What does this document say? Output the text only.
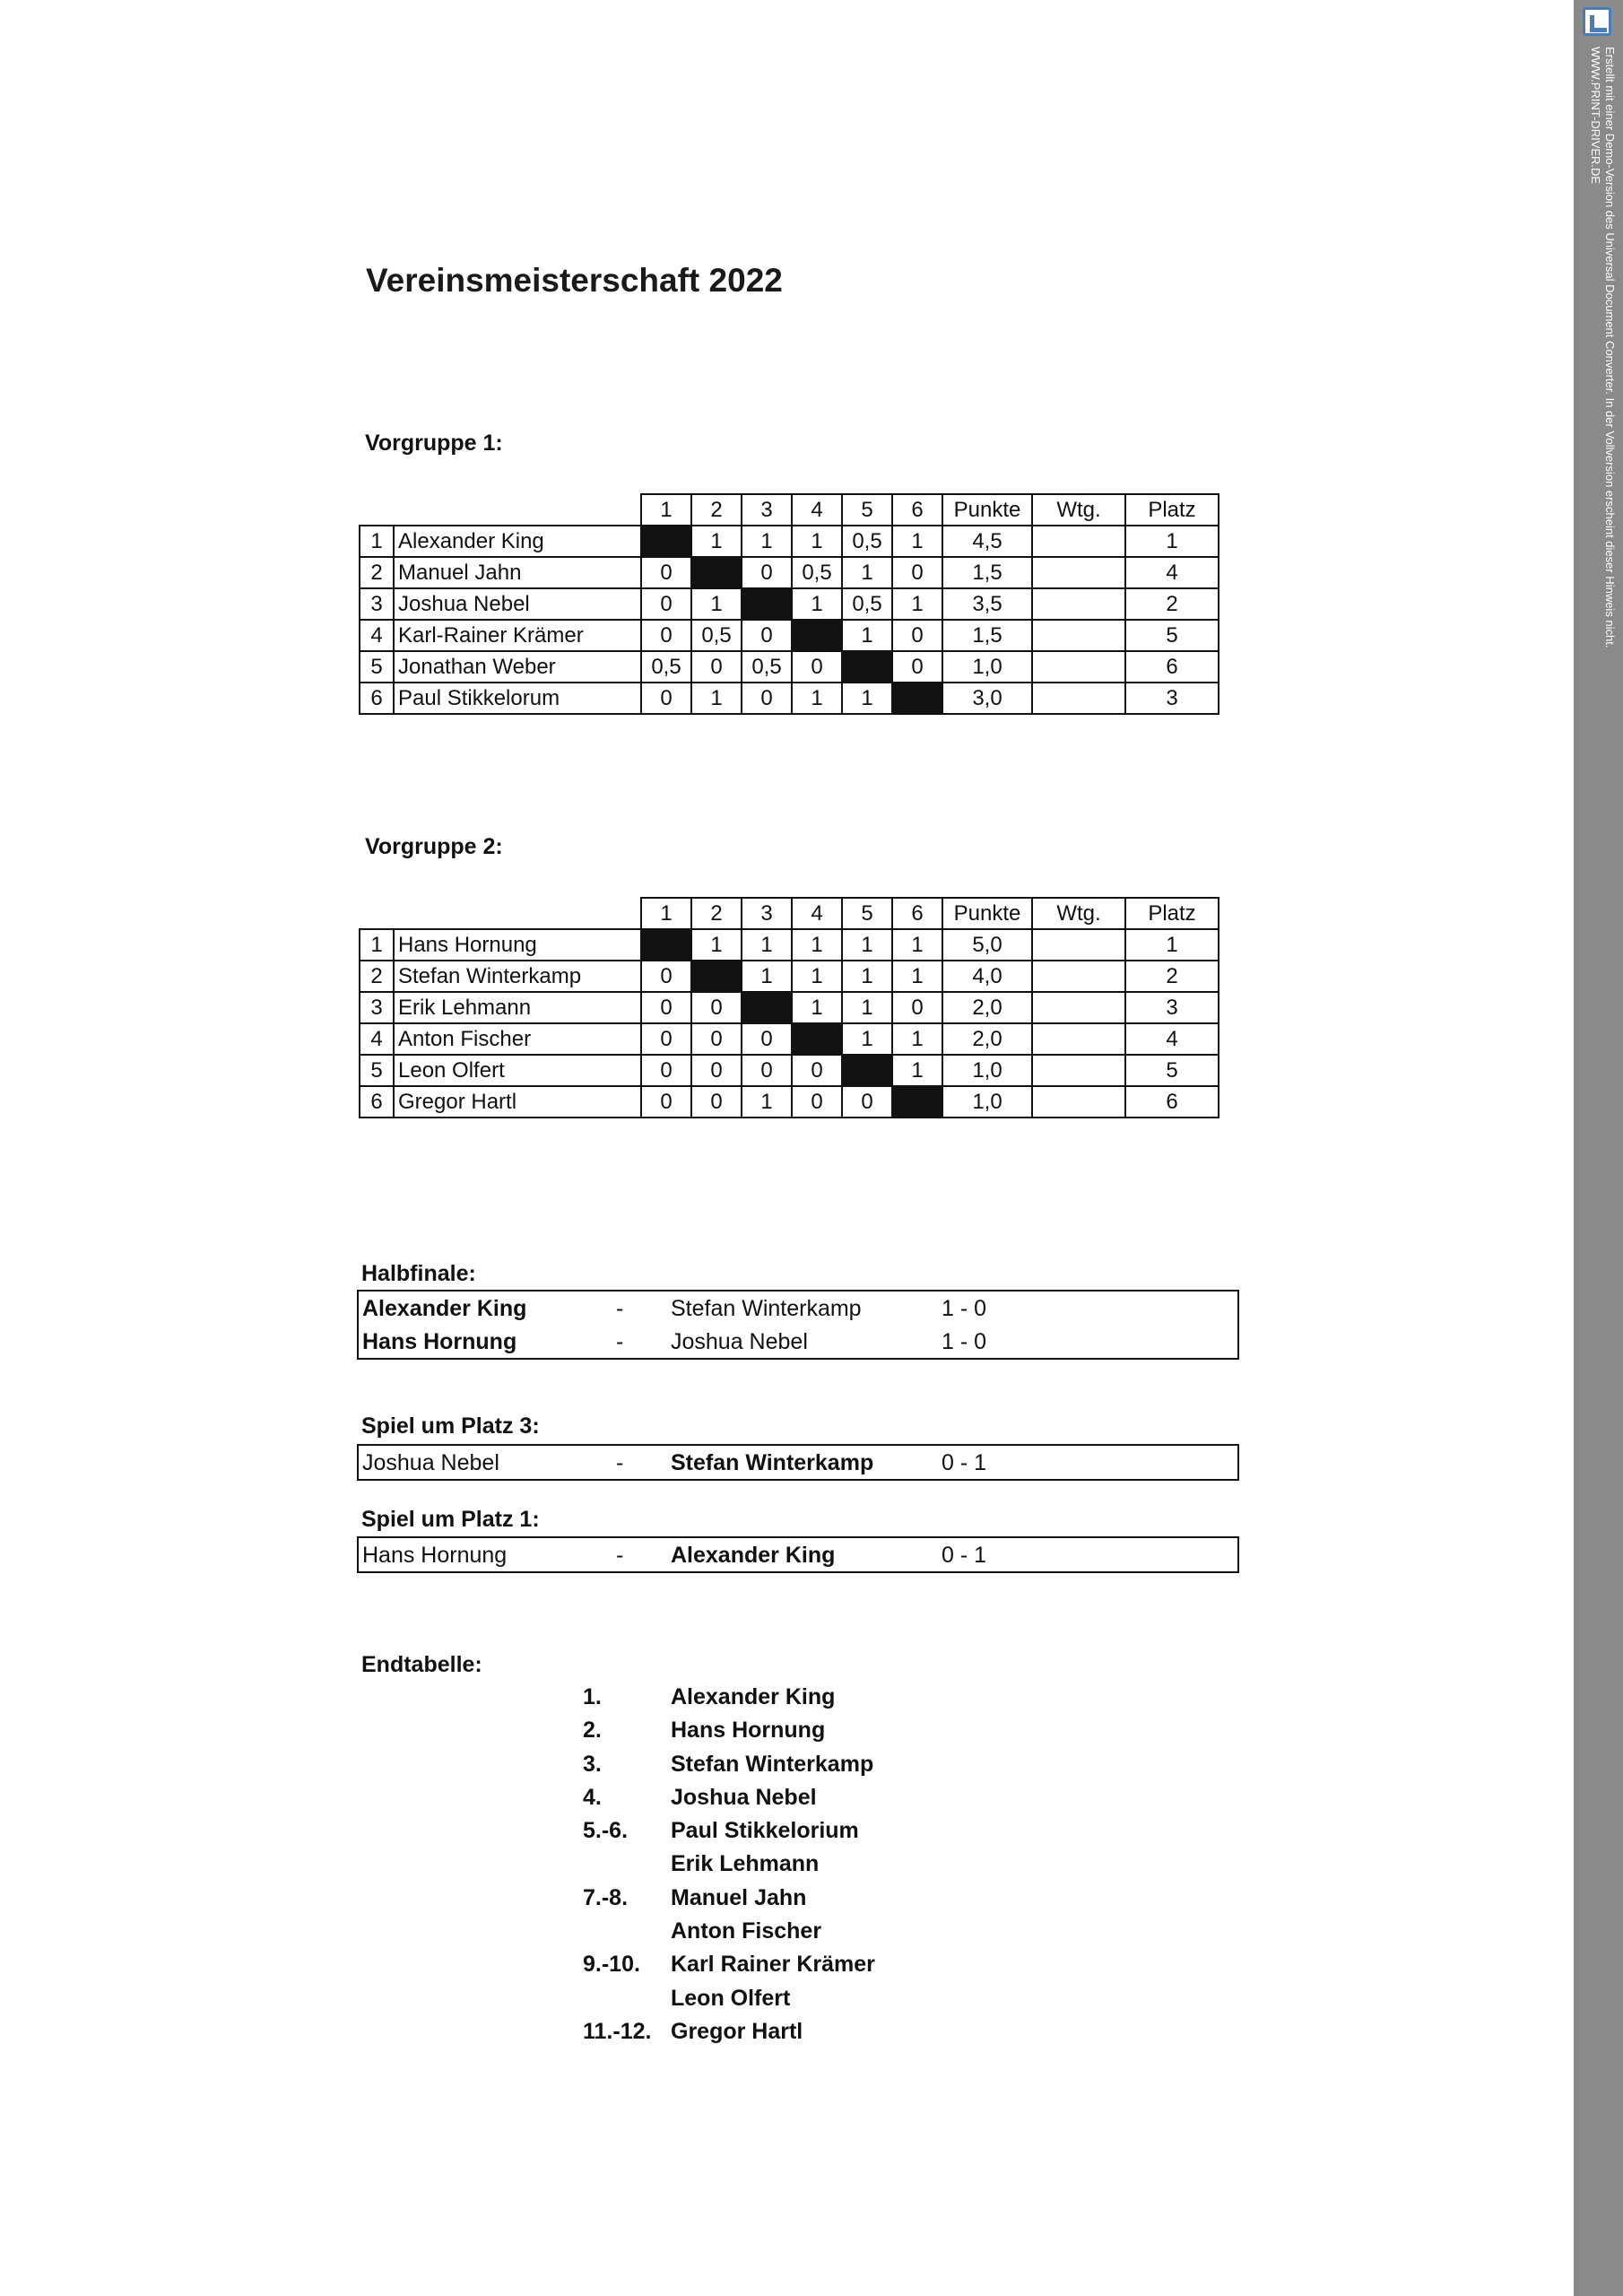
Vereinsmeisterschaft 2022

Vorgruppe 1:

		1	2	3	4	5	6	Punkte	Wtg.	Platz
1	Alexander King		1	1	1	0,5	1	4,5		1
2	Manuel Jahn	0		0	0,5	1	0	1,5		4
3	Joshua Nebel	0	1		1	0,5	1	3,5		2
4	Karl-Rainer Krämer	0	0,5	0		1	0	1,5		5
5	Jonathan Weber	0,5	0	0,5	0		0	1,0		6
6	Paul Stikkelorum	0	1	0	1	1		3,0		3

Vorgruppe 2:

		1	2	3	4	5	6	Punkte	Wtg.	Platz
1	Hans Hornung		1	1	1	1	1	5,0		1
2	Stefan Winterkamp	0		1	1	1	1	4,0		2
3	Erik Lehmann	0	0		1	1	0	2,0		3
4	Anton Fischer	0	0	0		1	1	2,0		4
5	Leon Olfert	0	0	0	0		1	1,0		5
6	Gregor Hartl	0	0	1	0	0		1,0		6

Halbfinale:

Alexander King	- Stefan Winterkamp	1 - 0
Hans Hornung	- Joshua Nebel	1 - 0

Spiel um Platz 3:

Joshua Nebel	- Stefan Winterkamp	0 - 1

Spiel um Platz 1:

Hans Hornung	- Alexander King	0 - 1

Endtabelle:

1.	Alexander King
2.	Hans Hornung
3.	Stefan Winterkamp
4.	Joshua Nebel
5.-6. Paul Stikkelorium
Erik Lehmann
7.-8. Manuel Jahn
Anton Fischer
9.-10. Karl Rainer Krämer
Leon Olfert
11.-12. Gregor Hartl
Erstellt mit einer Demo-Version des Universal Document Converter. In der Vollversion erscheint dieser Hinweis nicht.
WWW.PRINT-DRIVER.DE
